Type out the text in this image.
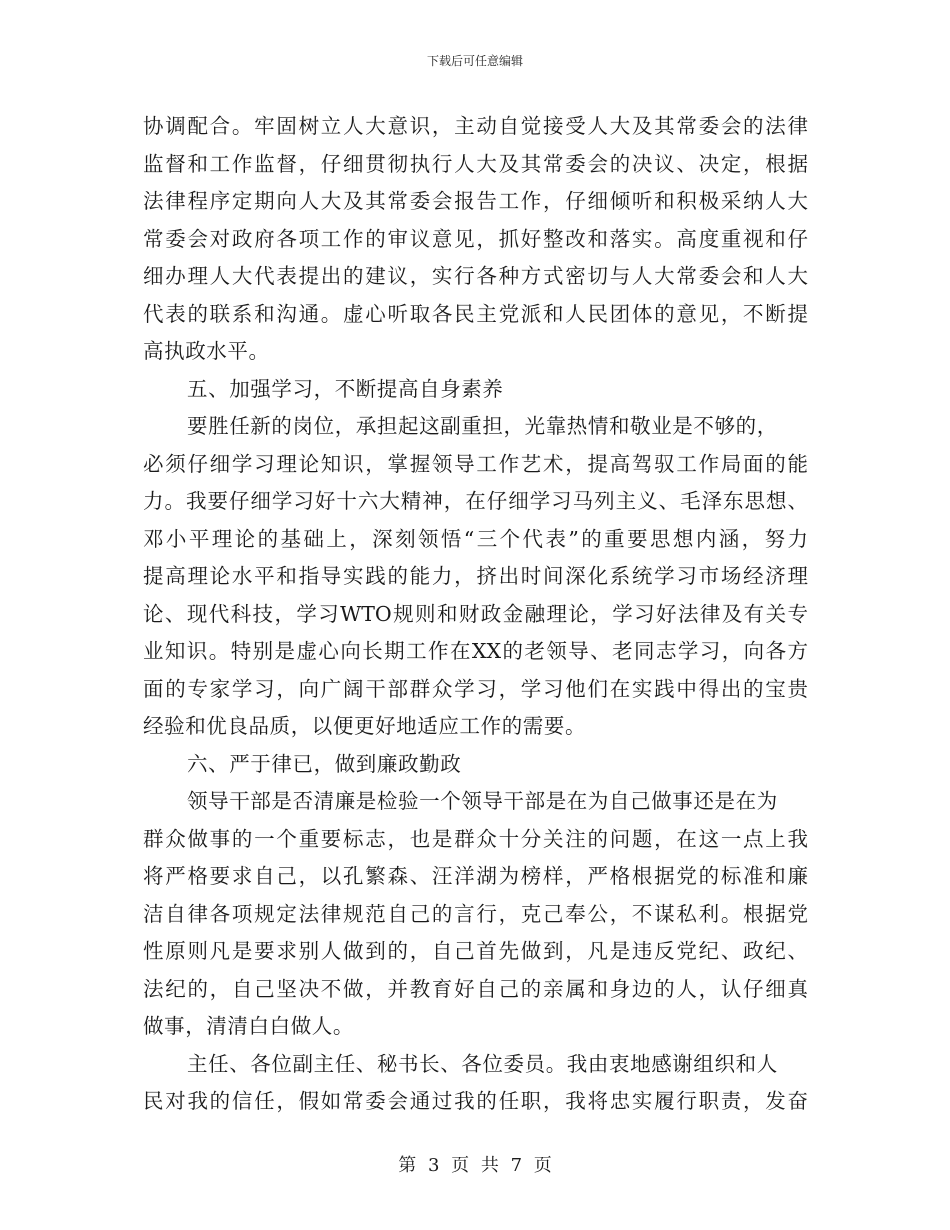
下载后可任意编辑
协调配合。牢固树立人大意识，主动自觉接受人大及其常委会的法律
监督和工作监督，仔细贯彻执行人大及其常委会的决议、决定，根据
法律程序定期向人大及其常委会报告工作，仔细倾听和积极采纳人大
常委会对政府各项工作的审议意见，抓好整改和落实。高度重视和仔
细办理人大代表提出的建议，实行各种方式密切与人大常委会和人大
代表的联系和沟通。虚心听取各民主党派和人民团体的意见，不断提
高执政水平。
五、加强学习，不断提高自身素养
要胜任新的岗位，承担起这副重担，光靠热情和敬业是不够的，
必须仔细学习理论知识，掌握领导工作艺术，提高驾驭工作局面的能
力。我要仔细学习好十六大精神，在仔细学习马列主义、毛泽东思想、
邓小平理论的基础上，深刻领悟“三个代表”的重要思想内涵，努力
提高理论水平和指导实践的能力，挤出时间深化系统学习市场经济理
论、现代科技，学习WTO规则和财政金融理论，学习好法律及有关专
业知识。特别是虚心向长期工作在XX的老领导、老同志学习，向各方
面的专家学习，向广阔干部群众学习，学习他们在实践中得出的宝贵
经验和优良品质，以便更好地适应工作的需要。
六、严于律已，做到廉政勤政
领导干部是否清廉是检验一个领导干部是在为自己做事还是在为
群众做事的一个重要标志，也是群众十分关注的问题，在这一点上我
将严格要求自己，以孔繁森、汪洋湖为榜样，严格根据党的标准和廉
洁自律各项规定法律规范自己的言行，克己奉公，不谋私利。根据党
性原则凡是要求别人做到的，自己首先做到，凡是违反党纪、政纪、
法纪的，自己坚决不做，并教育好自己的亲属和身边的人，认仔细真
做事，清清白白做人。
主任、各位副主任、秘书长、各位委员。我由衷地感谢组织和人
民对我的信任，假如常委会通过我的任职，我将忠实履行职责，发奋
第 3 页 共 7 页
